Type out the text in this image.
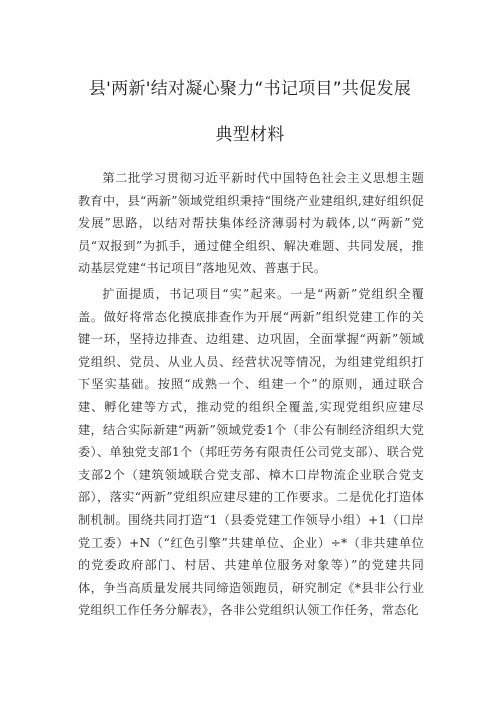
县'两新'结对凝心聚力“书记项目”共促发展
典型材料

第二批学习贯彻习近平新时代中国特色社会主义思想主题教育中，县“两新”领域党组织秉持“围绕产业建组织,建好组织促发展”思路，以结对帮扶集体经济薄弱村为载体,以“两新”党员“双报到”为抓手，通过健全组织、解决难题、共同发展，推动基层党建“书记项目”落地见效、普惠于民。

扩面提质，书记项目“实”起来。一是“两新”党组织全覆盖。做好将常态化摸底排查作为开展“两新”组织党建工作的关键一环，坚持边排查、边组建、边巩固，全面掌握“两新”领域党组织、党员、从业人员、经营状况等情况，为组建党组织打下坚实基础。按照“成熟一个、组建一个”的原则，通过联合建、孵化建等方式，推动党的组织全覆盖,实现党组织应建尽建，结合实际新建“两新”领域党委1个（非公有制经济组织大党委）、单独党支部1个（邦旺劳务有限责任公司党支部）、联合党支部2个（建筑领域联合党支部、樟木口岸物流企业联合党支部），落实“两新”党组织应建尽建的工作要求。二是优化打造体制机制。围绕共同打造“1（县委党建工作领导小组）+1（口岸党工委）+N（“红色引擎”共建单位、企业）÷*（非共建单位的党委政府部门、村居、共建单位服务对象等）”的党建共同体，争当高质量发展共同缔造领跑员，研究制定《*县非公行业党组织工作任务分解表》，各非公党组织认领工作任务，常态化
